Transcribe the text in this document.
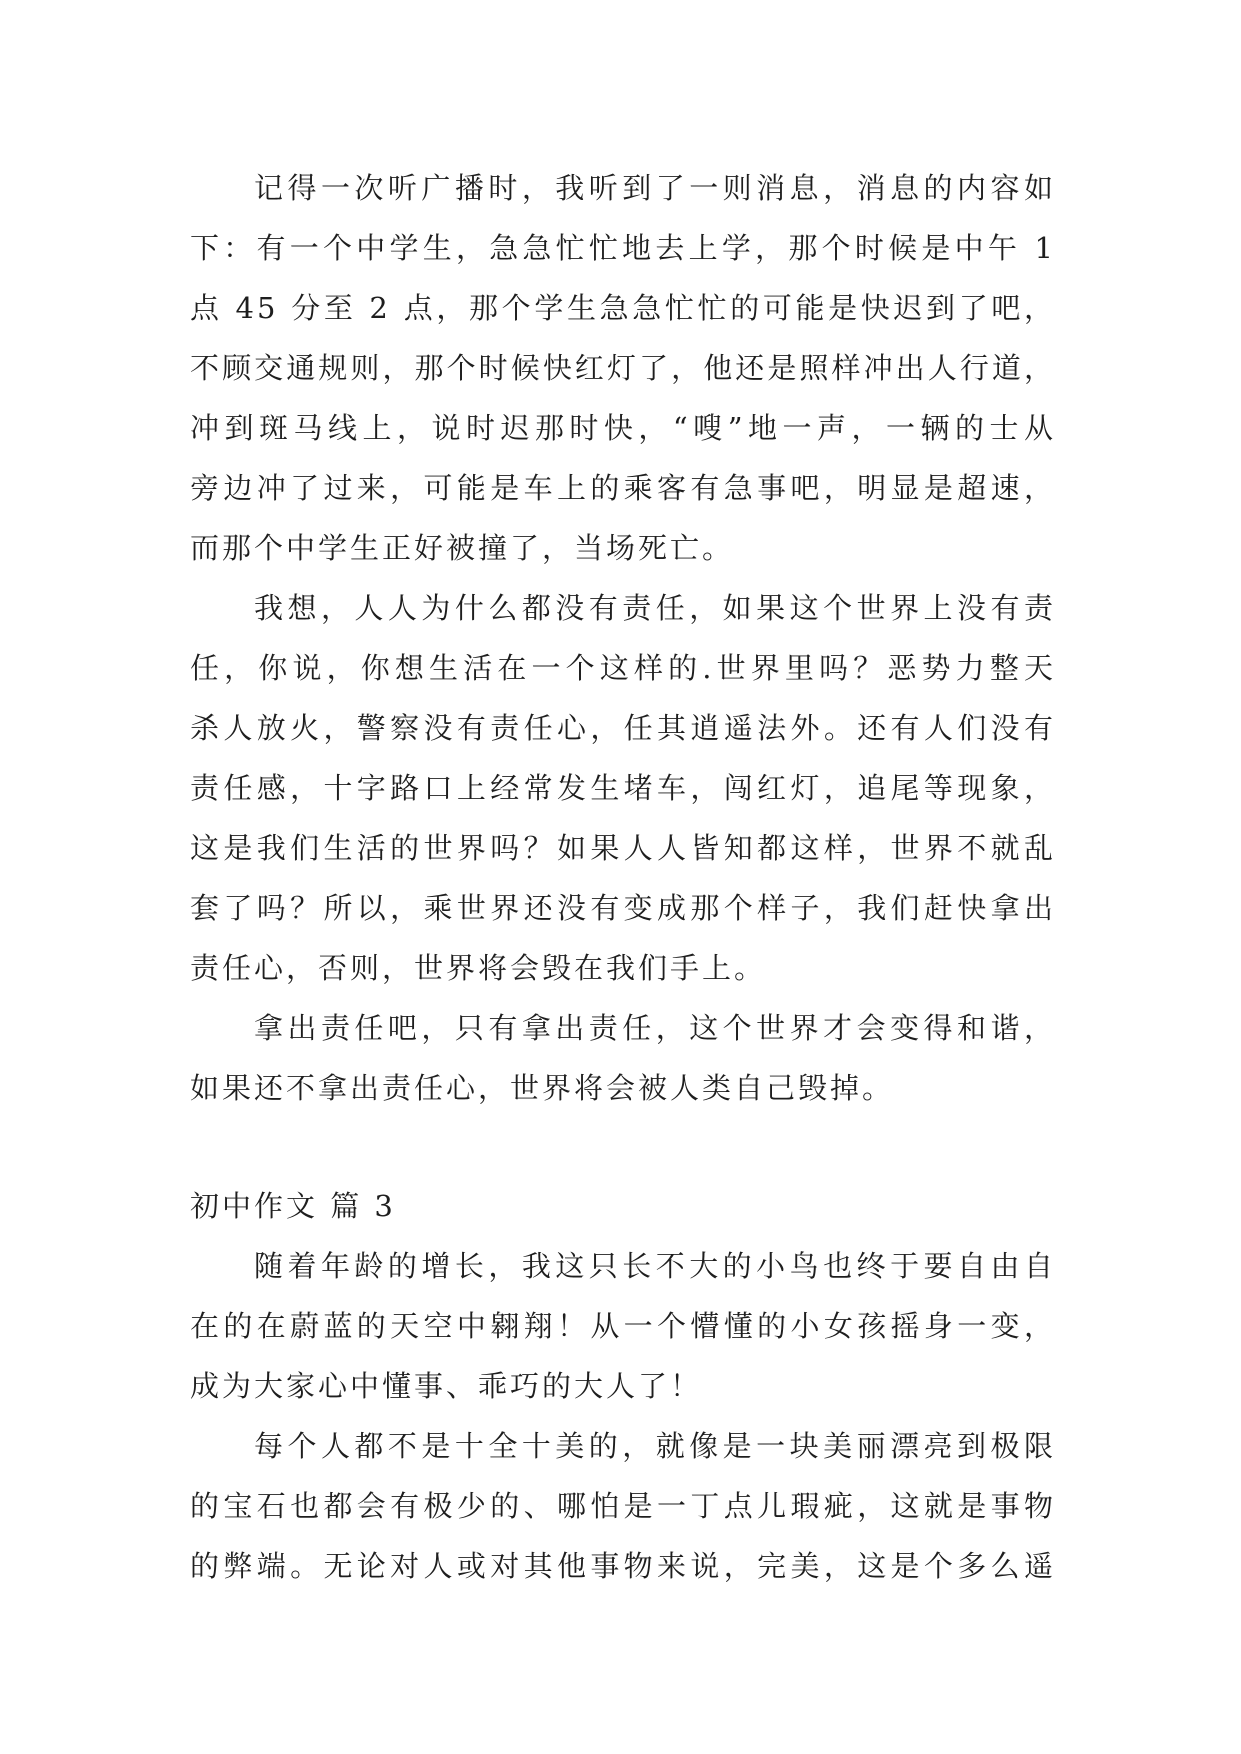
记得一次听广播时，我听到了一则消息，消息的内容如
下：有一个中学生，急急忙忙地去上学，那个时候是中午 1
点 45 分至 2 点，那个学生急急忙忙的可能是快迟到了吧，
不顾交通规则，那个时候快红灯了，他还是照样冲出人行道，
冲到斑马线上，说时迟那时快，“嗖”地一声，一辆的士从
旁边冲了过来，可能是车上的乘客有急事吧，明显是超速，
而那个中学生正好被撞了，当场死亡。
我想，人人为什么都没有责任，如果这个世界上没有责
任，你说，你想生活在一个这样的.世界里吗？恶势力整天
杀人放火，警察没有责任心，任其逍遥法外。还有人们没有
责任感，十字路口上经常发生堵车，闯红灯，追尾等现象，
这是我们生活的世界吗？如果人人皆知都这样，世界不就乱
套了吗？所以，乘世界还没有变成那个样子，我们赶快拿出
责任心，否则，世界将会毁在我们手上。
拿出责任吧，只有拿出责任，这个世界才会变得和谐，
如果还不拿出责任心，世界将会被人类自己毁掉。
初中作文 篇 3
随着年龄的增长，我这只长不大的小鸟也终于要自由自
在的在蔚蓝的天空中翱翔！从一个懵懂的小女孩摇身一变，
成为大家心中懂事、乖巧的大人了！
每个人都不是十全十美的，就像是一块美丽漂亮到极限
的宝石也都会有极少的、哪怕是一丁点儿瑕疵，这就是事物
的弊端。无论对人或对其他事物来说，完美，这是个多么遥
